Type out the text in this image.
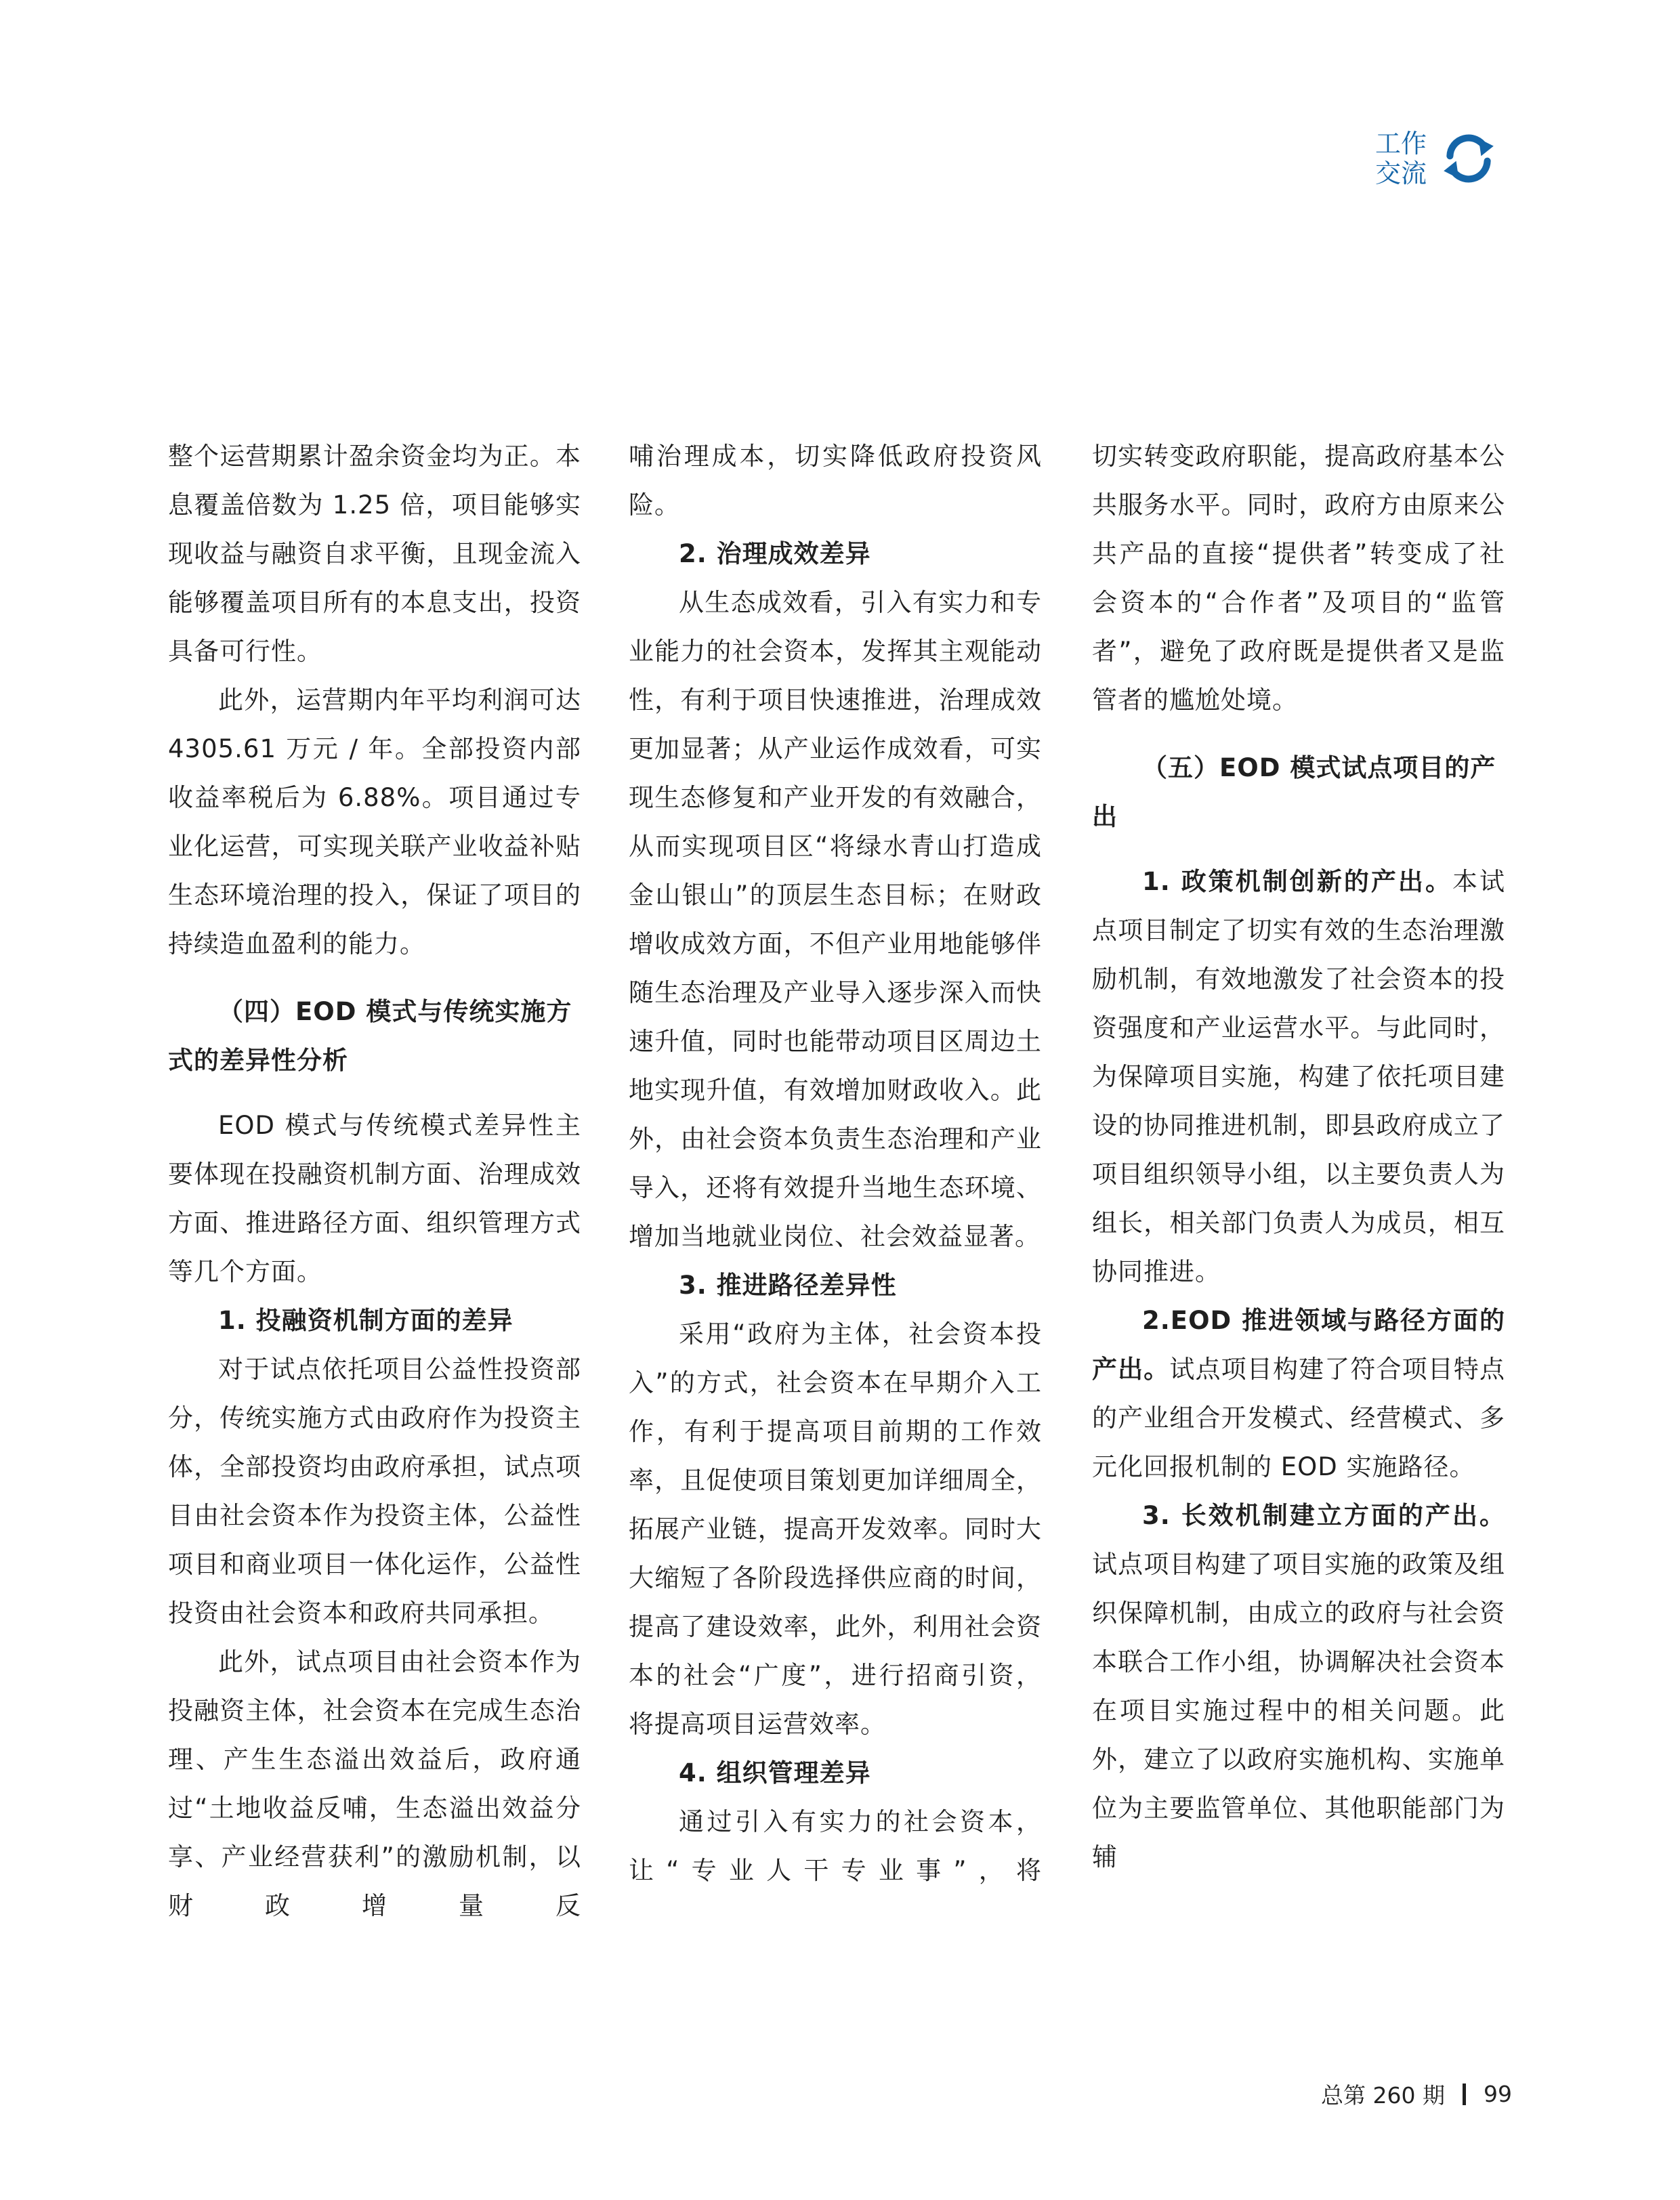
工作
交流

整个运营期累计盈余资金均为正。本息覆盖倍数为 1.25 倍，项目能够实现收益与融资自求平衡，且现金流入能够覆盖项目所有的本息支出，投资具备可行性。

此外，运营期内年平均利润可达 4305.61 万元 / 年。全部投资内部收益率税后为 6.88%。项目通过专业化运营，可实现关联产业收益补贴生态环境治理的投入，保证了项目的持续造血盈利的能力。

（四）EOD 模式与传统实施方式的差异性分析

EOD 模式与传统模式差异性主要体现在投融资机制方面、治理成效方面、推进路径方面、组织管理方式等几个方面。

1. 投融资机制方面的差异

对于试点依托项目公益性投资部分，传统实施方式由政府作为投资主体，全部投资均由政府承担，试点项目由社会资本作为投资主体，公益性项目和商业项目一体化运作，公益性投资由社会资本和政府共同承担。

此外，试点项目由社会资本作为投融资主体，社会资本在完成生态治理、产生生态溢出效益后，政府通过“土地收益反哺，生态溢出效益分享、产业经营获利”的激励机制，以财政增量反

哺治理成本，切实降低政府投资风险。

2. 治理成效差异

从生态成效看，引入有实力和专业能力的社会资本，发挥其主观能动性，有利于项目快速推进，治理成效更加显著；从产业运作成效看，可实现生态修复和产业开发的有效融合，从而实现项目区“将绿水青山打造成金山银山”的顶层生态目标；在财政增收成效方面，不但产业用地能够伴随生态治理及产业导入逐步深入而快速升值，同时也能带动项目区周边土地实现升值，有效增加财政收入。此外，由社会资本负责生态治理和产业导入，还将有效提升当地生态环境、增加当地就业岗位、社会效益显著。

3. 推进路径差异性

采用“政府为主体，社会资本投入”的方式，社会资本在早期介入工作，有利于提高项目前期的工作效率，且促使项目策划更加详细周全，拓展产业链，提高开发效率。同时大大缩短了各阶段选择供应商的时间，提高了建设效率，此外，利用社会资本的社会“广度”，进行招商引资，将提高项目运营效率。

4. 组织管理差异

通过引入有实力的社会资本，让“专业人干专业事”，将

切实转变政府职能，提高政府基本公共服务水平。同时，政府方由原来公共产品的直接“提供者”转变成了社会资本的“合作者”及项目的“监管者”，避免了政府既是提供者又是监管者的尴尬处境。

（五）EOD 模式试点项目的产出

1. 政策机制创新的产出。本试点项目制定了切实有效的生态治理激励机制，有效地激发了社会资本的投资强度和产业运营水平。与此同时，为保障项目实施，构建了依托项目建设的协同推进机制，即县政府成立了项目组织领导小组，以主要负责人为组长，相关部门负责人为成员，相互协同推进。

2.EOD 推进领域与路径方面的产出。试点项目构建了符合项目特点的产业组合开发模式、经营模式、多元化回报机制的 EOD 实施路径。

3. 长效机制建立方面的产出。试点项目构建了项目实施的政策及组织保障机制，由成立的政府与社会资本联合工作小组，协调解决社会资本在项目实施过程中的相关问题。此外，建立了以政府实施机构、实施单位为主要监管单位、其他职能部门为辅

总第 260 期 99
